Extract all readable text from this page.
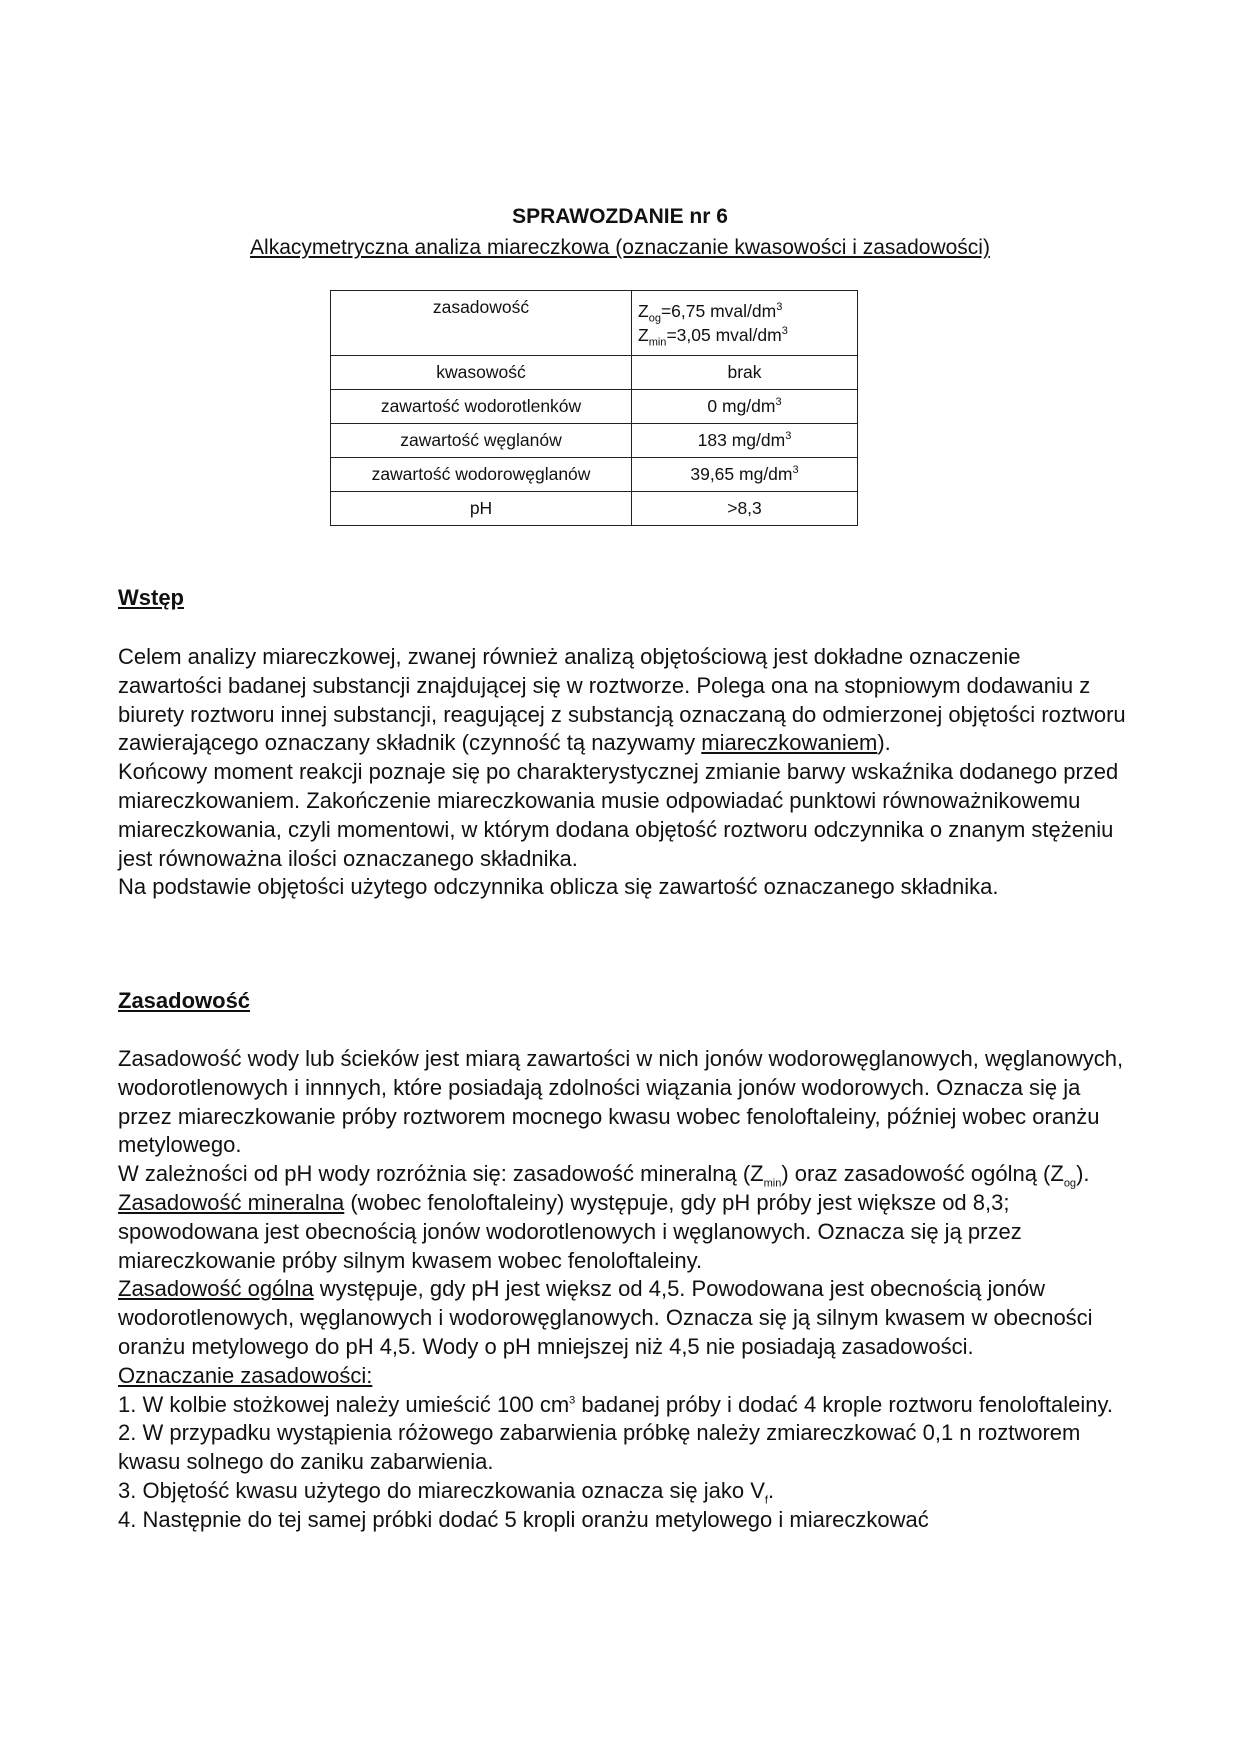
SPRAWOZDANIE nr 6
Alkacymetryczna analiza miareczkowa (oznaczanie kwasowości i zasadowości)
zasadowość	$Z_{og}=6,75$ mval/$dm^3$
$Z_{min}=3,05$ mval/$dm^3$

kwasowość	brak
zawartość wodorotlenków	0 $mg/dm^3$
zawartość węglanów	183 $mg/dm^3$
zawartość wodorowęglanów	39,65 $mg/dm^3$
pH	>8,3
Wstęp

Celem analizy miareczkowej, zwanej również analizą objętościową jest dokładne oznaczenie zawartości badanej substancji znajdującej się w roztworze. Polega ona na stopniowym dodawaniu z biurety roztworu innej substancji, reagującej z substancją oznaczaną do odmierzonej objętości roztworu zawierającego oznaczany składnik (czynność tą nazywamy miareczkowaniem).

Końcowy moment reakcji poznaje się po charakterystycznej zmianie barwy wskaźnika dodanego przed miareczkowaniem. Zakończenie miareczkowania musie odpowiadać punktowi równoważnikowemu miareczkowania, czyli momentowi, w którym dodana objętość roztworu odczynnika o znanym stężeniu jest równoważna ilości oznaczanego składnika.

Na podstawie objętości użytego odczynnika oblicza się zawartość oznaczanego składnika.

Zasadowość

Zasadowość wody lub ścieków jest miarą zawartości w nich jonów wodorowęglanowych, węglanowych, wodorotlenowych i innnych, które posiadają zdolności wiązania jonów wodorowych. Oznacza się ja przez miareczkowanie próby roztworem mocnego kwasu wobec fenoloftaleiny, później wobec oranżu metylowego.

W zależności od pH wody rozróżnia się: zasadowość mineralną $(Z_{min})$ oraz zasadowość ogólną $(Z_{og})$.

Zasadowość mineralna (wobec fenoloftaleiny) występuje, gdy pH próby jest większe od 8,3; spowodowana jest obecnością jonów wodorotlenowych i węglanowych. Oznacza się ją przez miareczkowanie próby silnym kwasem wobec fenoloftaleiny.

Zasadowość ogólna występuje, gdy pH jest większ od 4,5. Powodowana jest obecnością jonów wodorotlenowych, węglanowych i wodorowęglanowych. Oznacza się ją silnym kwasem w obecności oranżu metylowego do pH 4,5. Wody o pH mniejszej niż 4,5 nie posiadają zasadowości.

Oznaczanie zasadowości:

1. W kolbie stożkowej należy umieścić 100 $cm^3$ badanej próby i dodać 4 krople roztworu fenoloftaleiny.

2. W przypadku wystąpienia różowego zabarwienia próbkę należy zmiareczkować 0,1 n roztworem kwasu solnego do zaniku zabarwienia.

3. Objętość kwasu użytego do miareczkowania oznacza się jako $V_f$.

4. Następnie do tej samej próbki dodać 5 kropli oranżu metylowego i miareczkować
